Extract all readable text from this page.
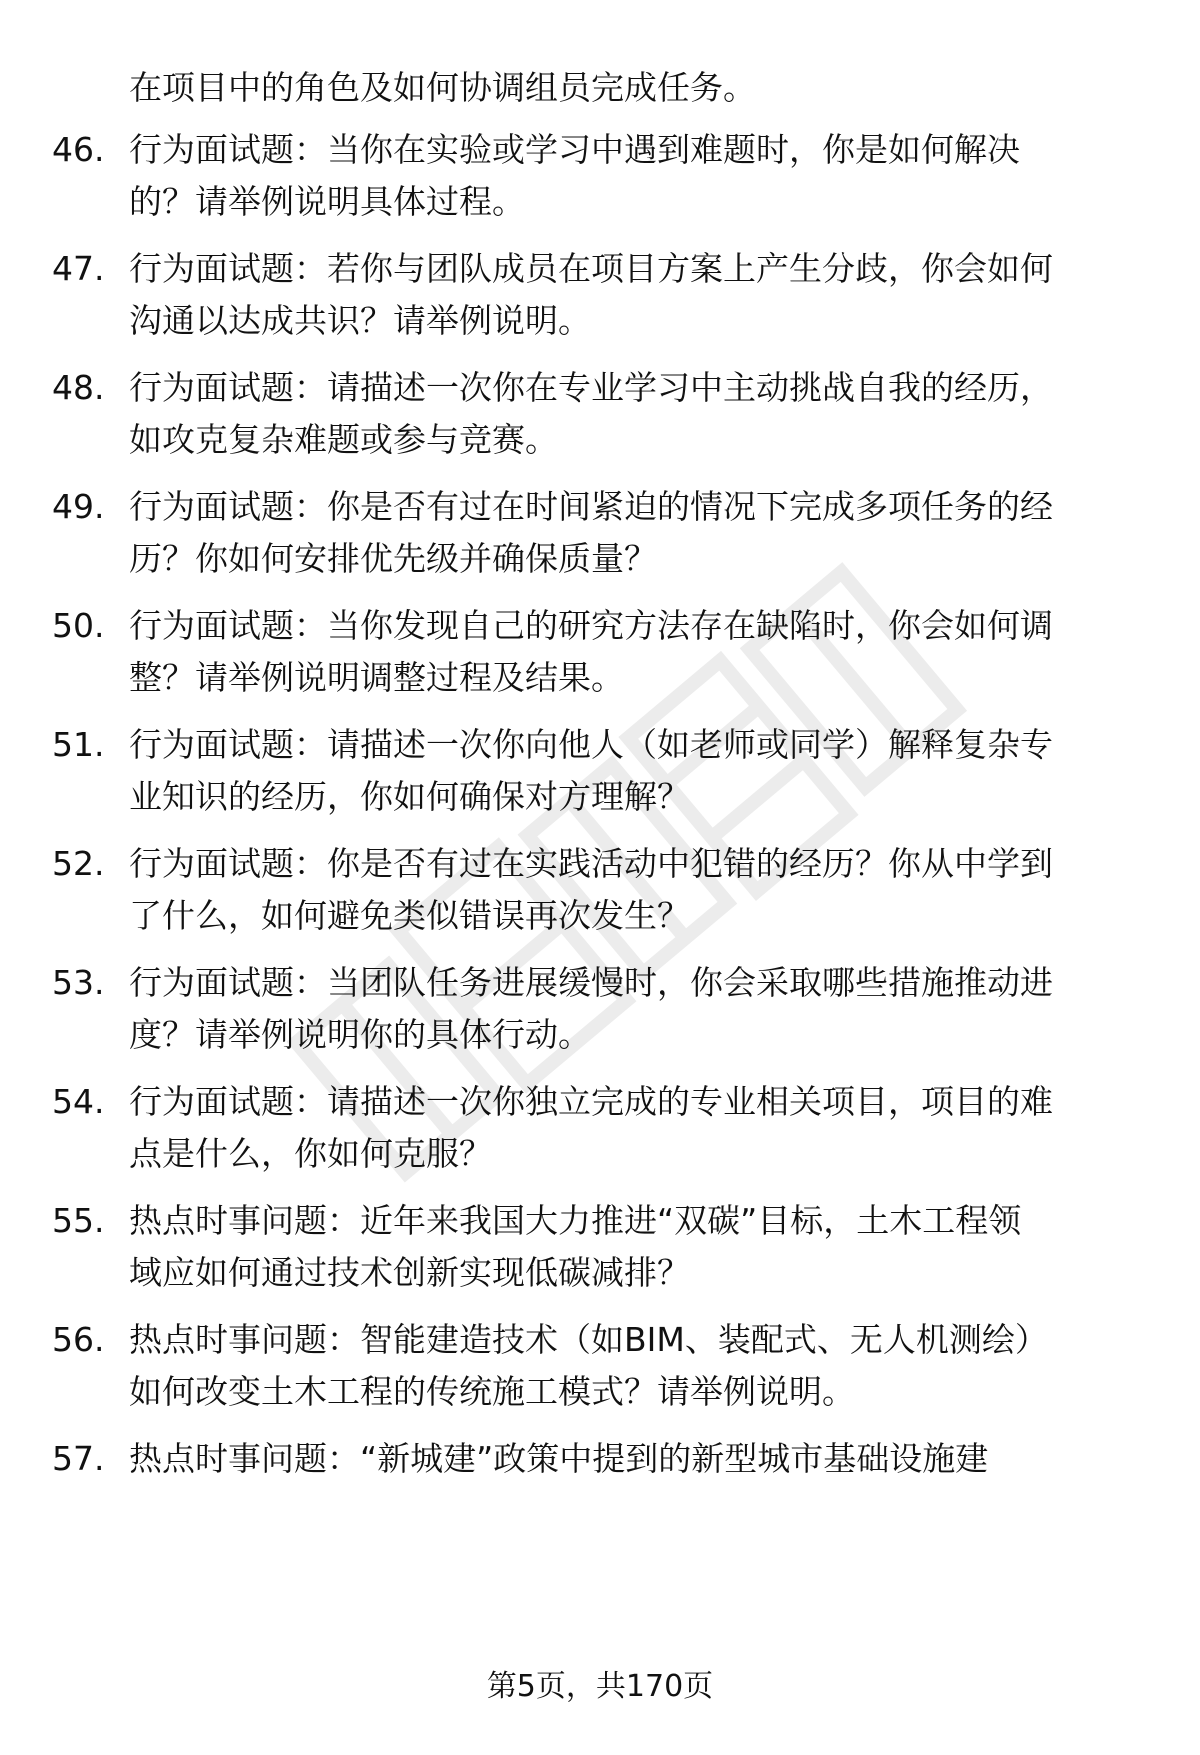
在项目中的角色及如何协调组员完成任务。
46. 行为面试题：当你在实验或学习中遇到难题时，你是如何解决
的？请举例说明具体过程。
47. 行为面试题：若你与团队成员在项目方案上产生分歧，你会如何
沟通以达成共识？请举例说明。
48. 行为面试题：请描述一次你在专业学习中主动挑战自我的经历，
如攻克复杂难题或参与竞赛。
49. 行为面试题：你是否有过在时间紧迫的情况下完成多项任务的经
历？你如何安排优先级并确保质量？
50. 行为面试题：当你发现自己的研究方法存在缺陷时，你会如何调
整？请举例说明调整过程及结果。
51. 行为面试题：请描述一次你向他人（如老师或同学）解释复杂专
业知识的经历，你如何确保对方理解？
52. 行为面试题：你是否有过在实践活动中犯错的经历？你从中学到
了什么，如何避免类似错误再次发生？
53. 行为面试题：当团队任务进展缓慢时，你会采取哪些措施推动进
度？请举例说明你的具体行动。
54. 行为面试题：请描述一次你独立完成的专业相关项目，项目的难
点是什么，你如何克服？
55. 热点时事问题：近年来我国大力推进“双碳”目标，土木工程领
域应如何通过技术创新实现低碳减排？
56. 热点时事问题：智能建造技术（如BIM、装配式、无人机测绘）
如何改变土木工程的传统施工模式？请举例说明。
57. 热点时事问题：“新城建”政策中提到的新型城市基础设施建
第5页，共170页
